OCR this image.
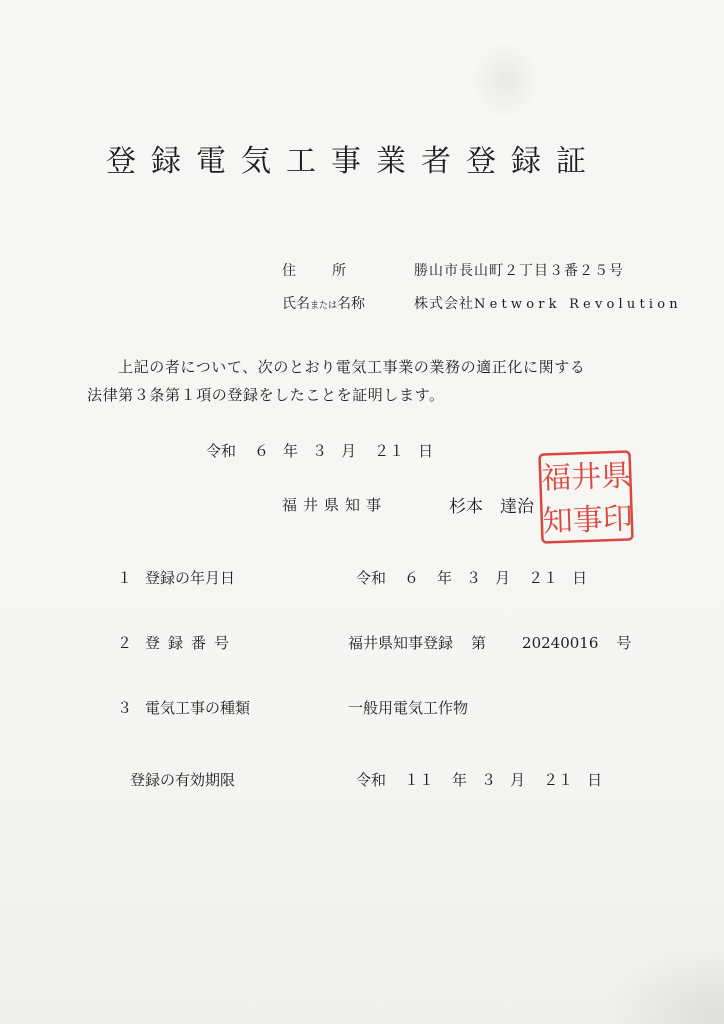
登録電気工事業者登録証
住所 勝山市長山町２丁目３番２５号
氏名または名称	株式会社Network Revolution
上記の者について、次のとおり電気工事業の業務の適正化に関する
法律第３条第１項の登録をしたことを証明します。
令和 ６ 年 ３ 月 ２１ 日
福井県知事	杉本　達治
県
井
福
印
事
知
１ 登録の年月日	令和 ６ 年 ３ 月 ２１ 日
２ 登録番号	福井県知事登録 第 20240016 号
３ 電気工事の種類	一般用電気工作物
登録の有効期限	令和 １１ 年 ３ 月 ２１ 日
